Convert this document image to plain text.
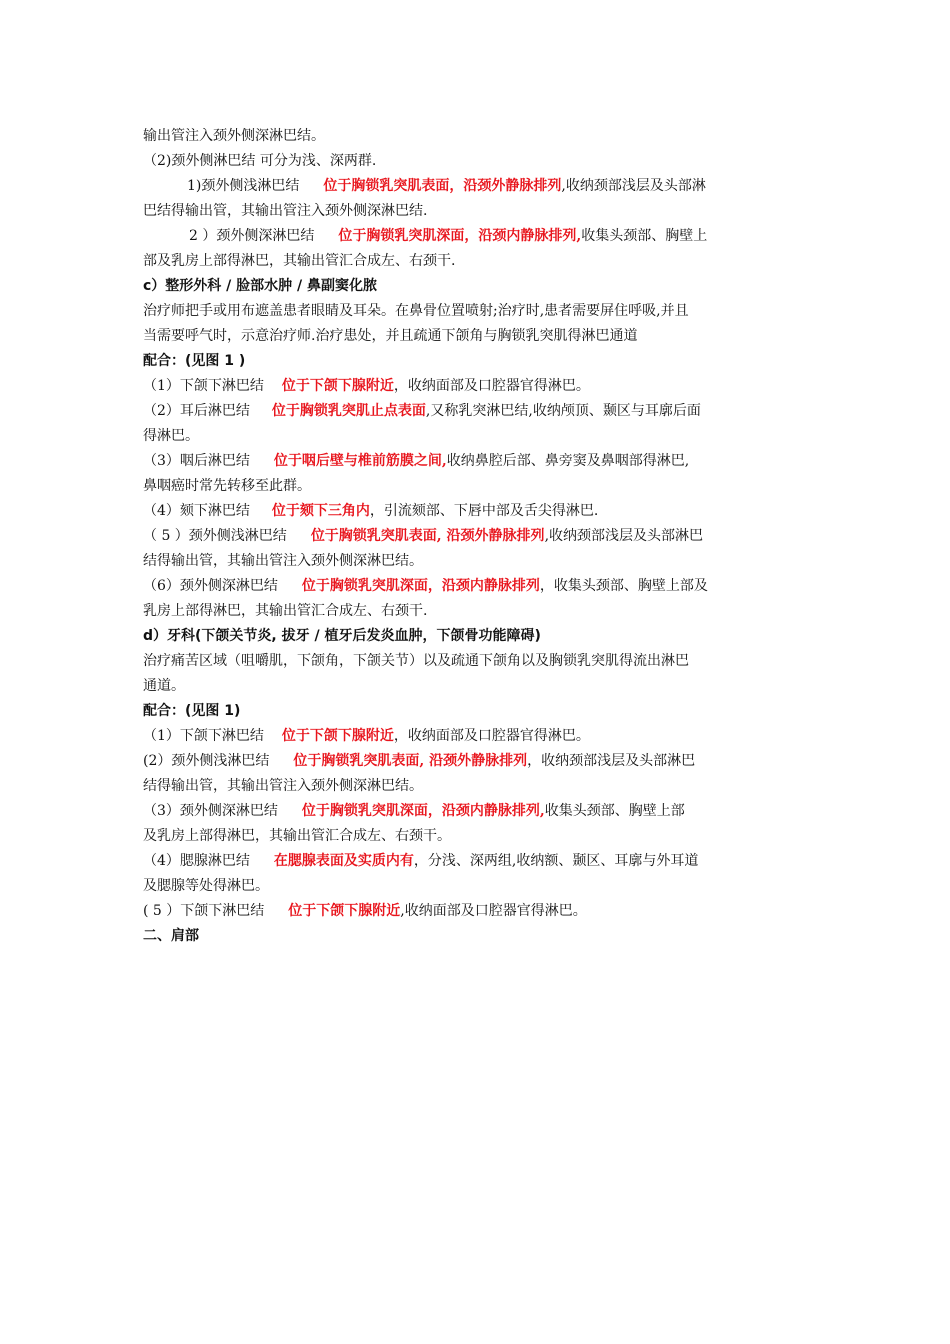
输出管注入颈外侧深淋巴结。
（2)颈外侧淋巴结 可分为浅、深两群.
1)颈外侧浅淋巴结 位于胸锁乳突肌表面，沿颈外静脉排列,收纳颈部浅层及头部淋
巴结得输出管，其输出管注入颈外侧深淋巴结.
2 ）颈外侧深淋巴结 位于胸锁乳突肌深面，沿颈内静脉排列,收集头颈部、胸壁上
部及乳房上部得淋巴，其输出管汇合成左、右颈干.
c）整形外科 / 脸部水肿 / 鼻副窦化脓
治疗师把手或用布遮盖患者眼睛及耳朵。在鼻骨位置喷射;治疗时,患者需要屏住呼吸,并且
当需要呼气时，示意治疗师.治疗患处，并且疏通下颌角与胸锁乳突肌得淋巴通道
配合：(见图 1 )
（1）下颌下淋巴结 位于下颌下腺附近，收纳面部及口腔器官得淋巴。
（2）耳后淋巴结 位于胸锁乳突肌止点表面,又称乳突淋巴结,收纳颅顶、颞区与耳廓后面
得淋巴。
（3）咽后淋巴结 位于咽后壁与椎前筋膜之间,收纳鼻腔后部、鼻旁窦及鼻咽部得淋巴,
鼻咽癌时常先转移至此群。
（4）颏下淋巴结 位于颏下三角内，引流颏部、下唇中部及舌尖得淋巴.
（ 5 ）颈外侧浅淋巴结 位于胸锁乳突肌表面, 沿颈外静脉排列,收纳颈部浅层及头部淋巴
结得输出管，其输出管注入颈外侧深淋巴结。
（6）颈外侧深淋巴结 位于胸锁乳突肌深面，沿颈内静脉排列，收集头颈部、胸壁上部及
乳房上部得淋巴，其输出管汇合成左、右颈干.
d）牙科(下颌关节炎, 拔牙 / 植牙后发炎血肿，下颌骨功能障碍)
治疗痛苦区域（咀嚼肌，下颌角，下颌关节）以及疏通下颌角以及胸锁乳突肌得流出淋巴
通道。
配合：(见图 1)
（1）下颌下淋巴结 位于下颌下腺附近，收纳面部及口腔器官得淋巴。
(2）颈外侧浅淋巴结 位于胸锁乳突肌表面, 沿颈外静脉排列，收纳颈部浅层及头部淋巴
结得输出管，其输出管注入颈外侧深淋巴结。
（3）颈外侧深淋巴结 位于胸锁乳突肌深面，沿颈内静脉排列,收集头颈部、胸壁上部
及乳房上部得淋巴，其输出管汇合成左、右颈干。
（4）腮腺淋巴结 在腮腺表面及实质内有，分浅、深两组,收纳额、颞区、耳廓与外耳道
及腮腺等处得淋巴。
( 5 ）下颌下淋巴结 位于下颌下腺附近,收纳面部及口腔器官得淋巴。
二、肩部
